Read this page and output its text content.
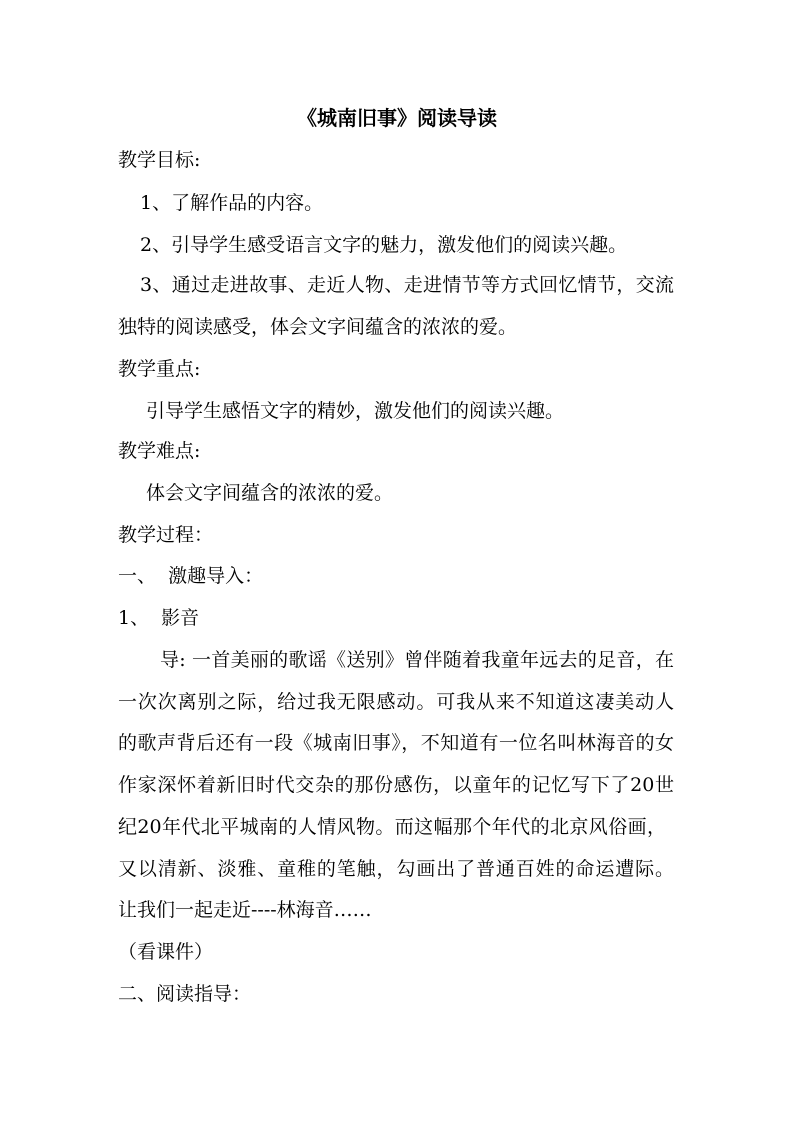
《城南旧事》阅读导读
教学目标:
1、了解作品的内容。
2、引导学生感受语言文字的魅力，激发他们的阅读兴趣。
3、通过走进故事、走近人物、走进情节等方式回忆情节，交流
独特的阅读感受，体会文字间蕴含的浓浓的爱。
教学重点:
引导学生感悟文字的精妙，激发他们的阅读兴趣。
教学难点:
体会文字间蕴含的浓浓的爱。
教学过程：
一、  激趣导入：
1、  影音
导: 一首美丽的歌谣《送别》曾伴随着我童年远去的足音，在
一次次离别之际，给过我无限感动。可我从来不知道这凄美动人
的歌声背后还有一段《城南旧事》，不知道有一位名叫林海音的女
作家深怀着新旧时代交杂的那份感伤，以童年的记忆写下了20世
纪20年代北平城南的人情风物。而这幅那个年代的北京风俗画，
又以清新、淡雅、童稚的笔触，勾画出了普通百姓的命运遭际。
让我们一起走近----林海音……
（看课件）
二、阅读指导：
